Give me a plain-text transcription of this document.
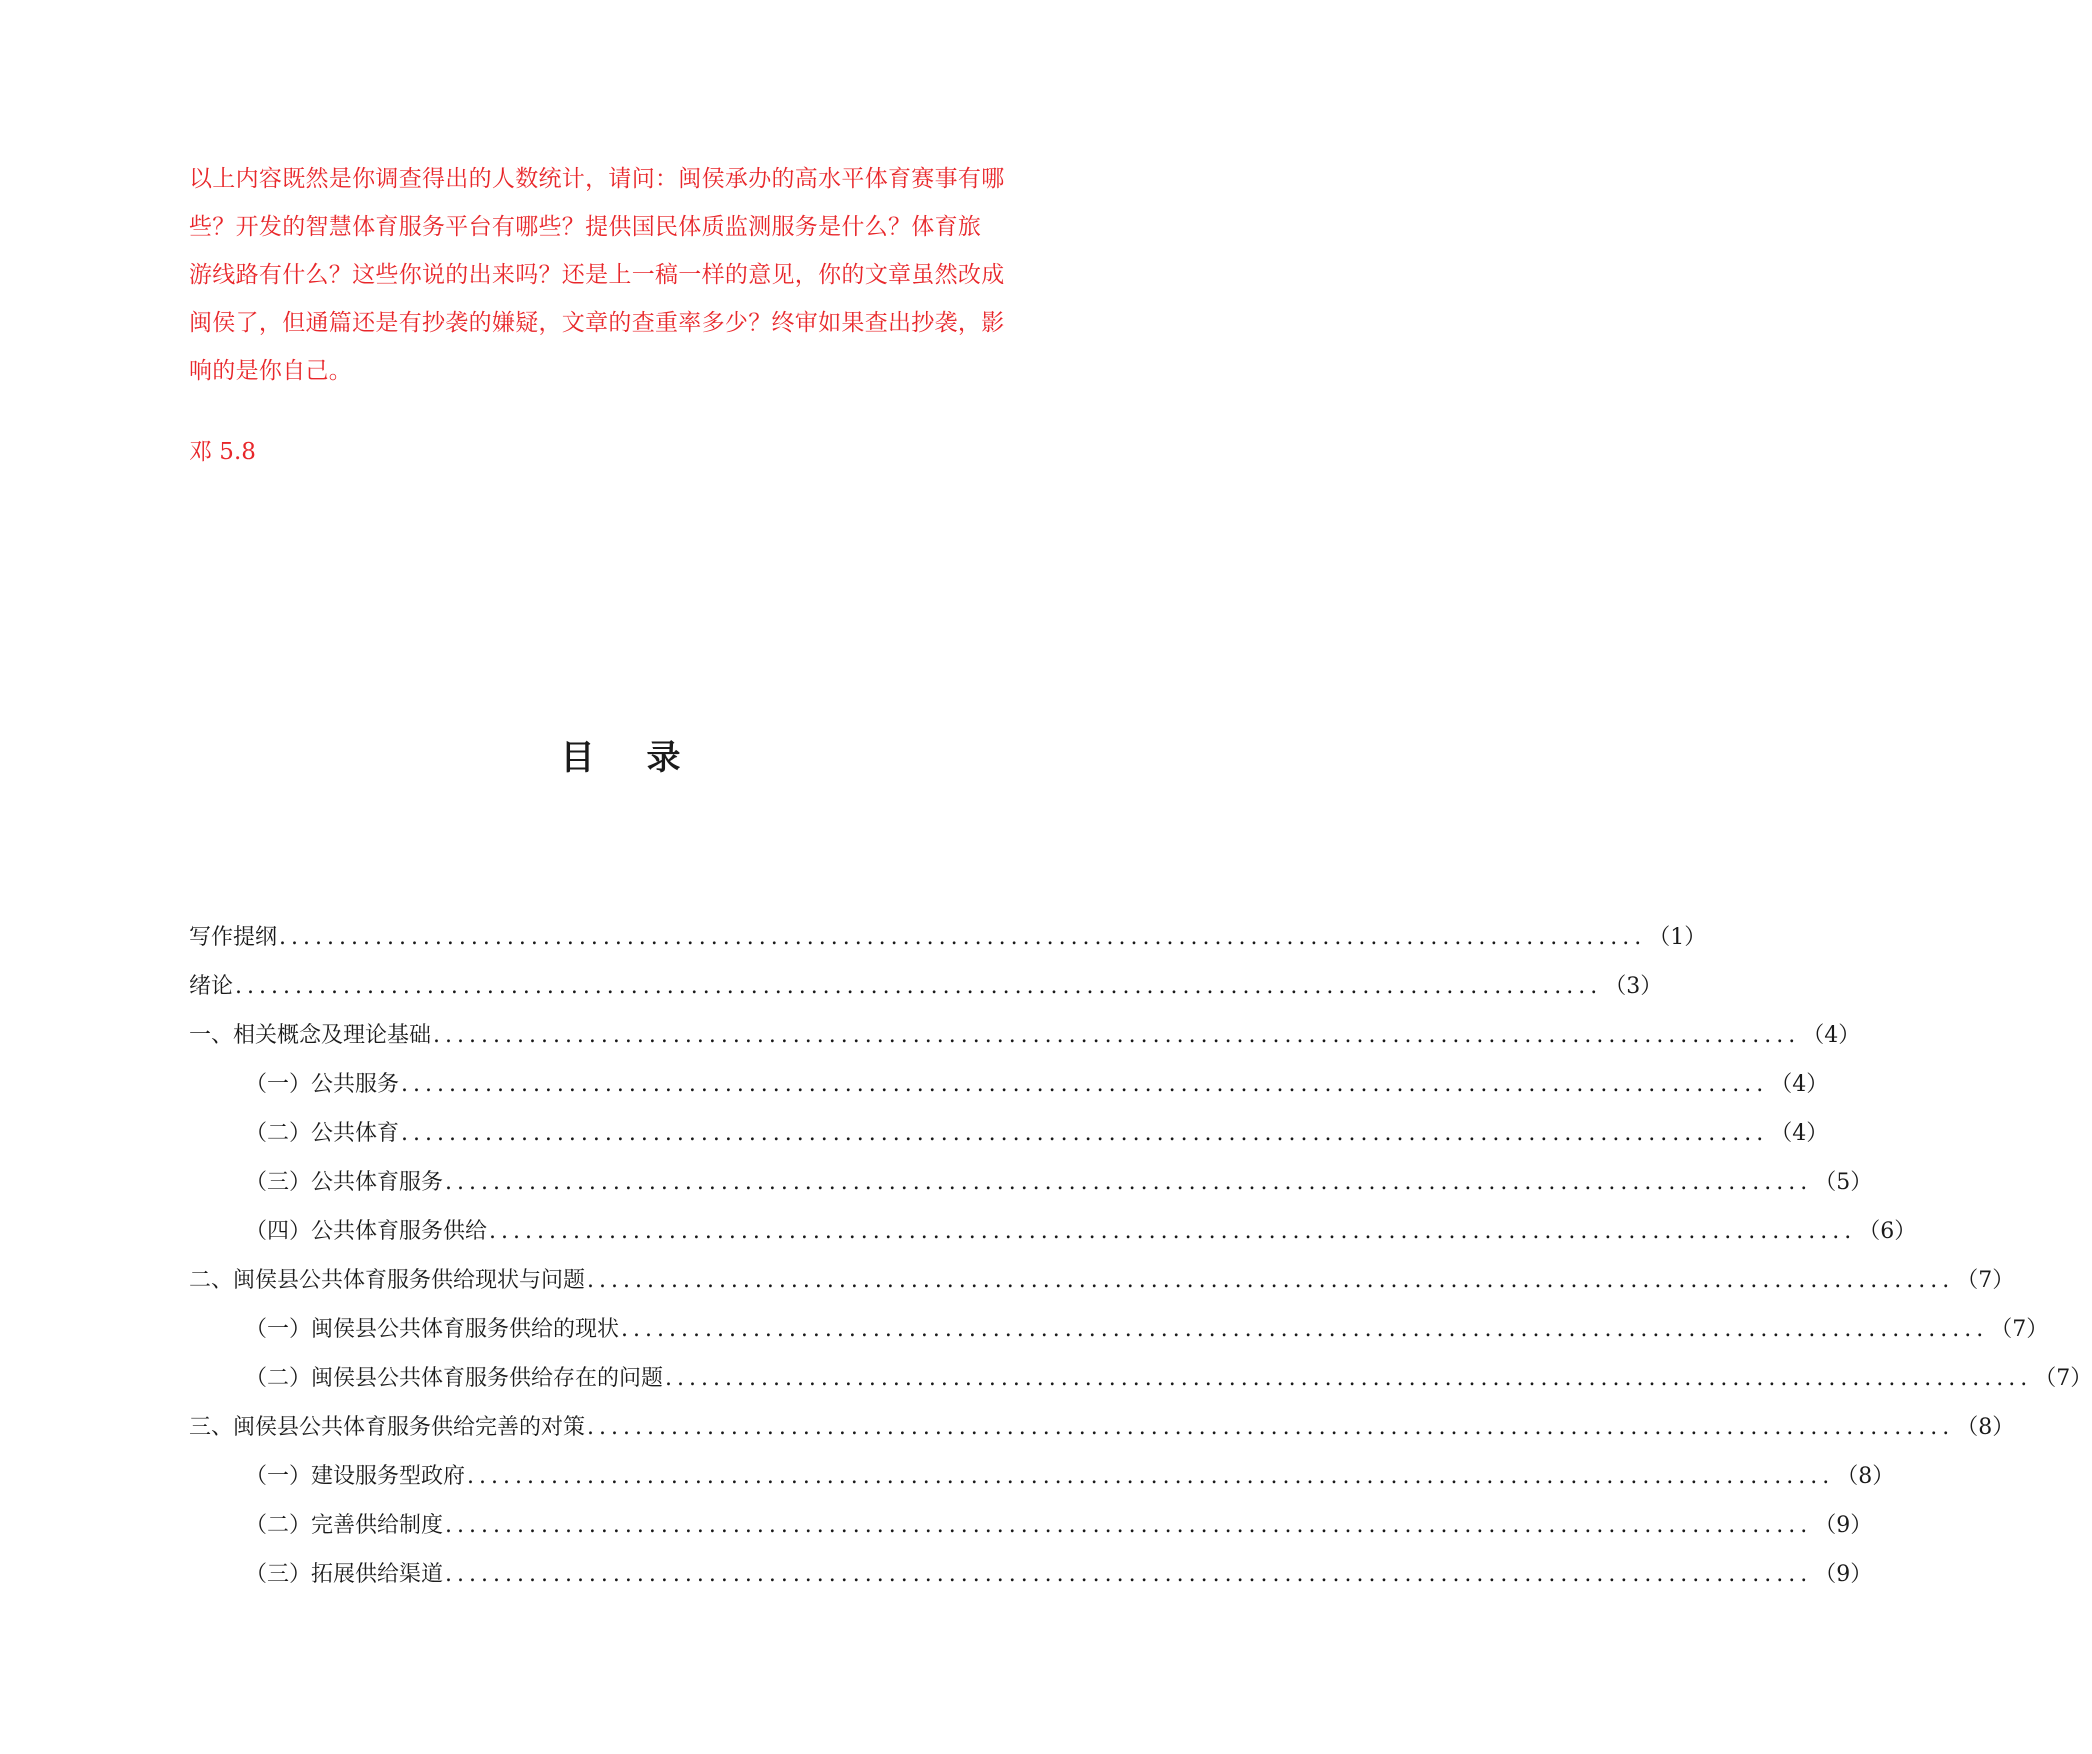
以上内容既然是你调查得出的人数统计，请问：闽侯承办的高水平体育赛事有哪
些？开发的智慧体育服务平台有哪些？提供国民体质监测服务是什么？体育旅
游线路有什么？这些你说的出来吗？还是上一稿一样的意见，你的文章虽然改成
闽侯了，但通篇还是有抄袭的嫌疑，文章的查重率多少？终审如果查出抄袭，影
响的是你自己。
邓 5.8
目录
写作提纲 .................................................................................................................. （1）
绪论 .................................................................................................................. （3）
一、相关概念及理论基础 .................................................................................................................. （4）
（一）公共服务 .................................................................................................................. （4）
（二）公共体育 .................................................................................................................. （4）
（三）公共体育服务 .................................................................................................................. （5）
（四）公共体育服务供给 .................................................................................................................. （6）
二、闽侯县公共体育服务供给现状与问题 .................................................................................................................. （7）
（一）闽侯县公共体育服务供给的现状 .................................................................................................................. （7）
（二）闽侯县公共体育服务供给存在的问题 .................................................................................................................. （7）
三、闽侯县公共体育服务供给完善的对策 .................................................................................................................. （8）
（一）建设服务型政府 .................................................................................................................. （8）
（二）完善供给制度 .................................................................................................................. （9）
（三）拓展供给渠道 .................................................................................................................. （9）
